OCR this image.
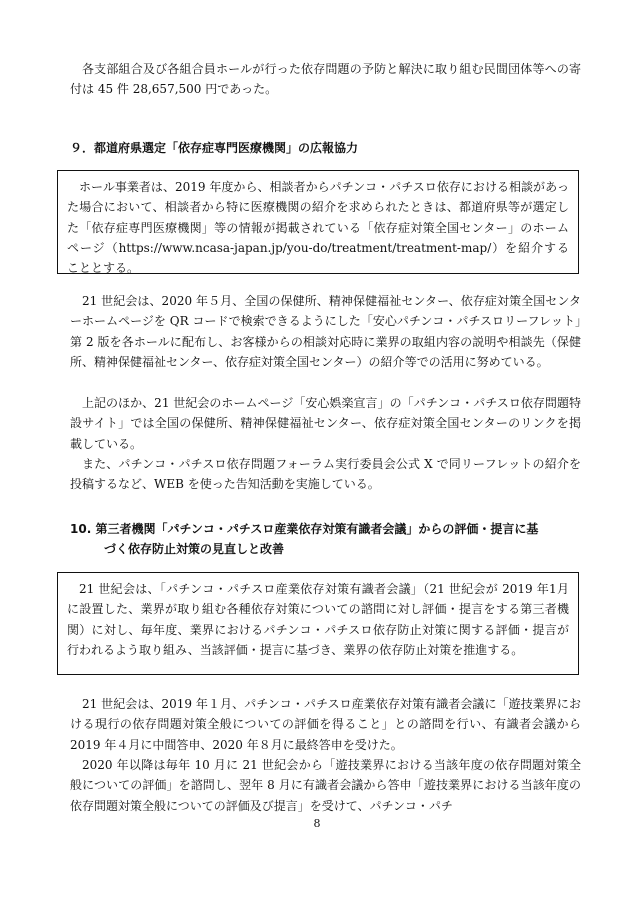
各支部組合及び各組合員ホールが行った依存問題の予防と解決に取り組む民間団体等への寄付は 45 件 28,657,500 円であった。

９．都道府県選定「依存症専門医療機関」の広報協力

ホール事業者は、2019 年度から、相談者からパチンコ・パチスロ依存における相談があった場合において、相談者から特に医療機関の紹介を求められたときは、都道府県等が選定した「依存症専門医療機関」等の情報が掲載されている「依存症対策全国センター」のホームページ（https://www.ncasa-japan.jp/you-do/treatment/treatment-map/）を紹介することとする。

21 世紀会は、2020 年５月、全国の保健所、精神保健福祉センター、依存症対策全国センターホームページを QR コードで検索できるようにした「安心パチンコ・パチスロリーフレット」第 2 版を各ホールに配布し、お客様からの相談対応時に業界の取組内容の説明や相談先（保健所、精神保健福祉センター、依存症対策全国センター）の紹介等での活用に努めている。

上記のほか、21 世紀会のホームページ「安心娯楽宣言」の「パチンコ・パチスロ依存問題特設サイト」では全国の保健所、精神保健福祉センター、依存症対策全国センターのリンクを掲載している。

また、パチンコ・パチスロ依存問題フォーラム実行委員会公式 X で同リーフレットの紹介を投稿するなど、WEB を使った告知活動を実施している。

10. 第三者機関「パチンコ・パチスロ産業依存対策有識者会議」からの評価・提言に基
づく依存防止対策の見直しと改善

21 世紀会は、「パチンコ・パチスロ産業依存対策有識者会議」（21 世紀会が 2019 年1月に設置した、業界が取り組む各種依存対策についての諮問に対し評価・提言をする第三者機関）に対し、毎年度、業界におけるパチンコ・パチスロ依存防止対策に関する評価・提言が行われるよう取り組み、当該評価・提言に基づき、業界の依存防止対策を推進する。

21 世紀会は、2019 年１月、パチンコ・パチスロ産業依存対策有識者会議に「遊技業界における現行の依存問題対策全般についての評価を得ること」との諮問を行い、有識者会議から 2019 年４月に中間答申、2020 年８月に最終答申を受けた。

2020 年以降は毎年 10 月に 21 世紀会から「遊技業界における当該年度の依存問題対策全般についての評価」を諮問し、翌年 8 月に有識者会議から答申「遊技業界における当該年度の依存問題対策全般についての評価及び提言」を受けて、パチンコ・パチ

8
